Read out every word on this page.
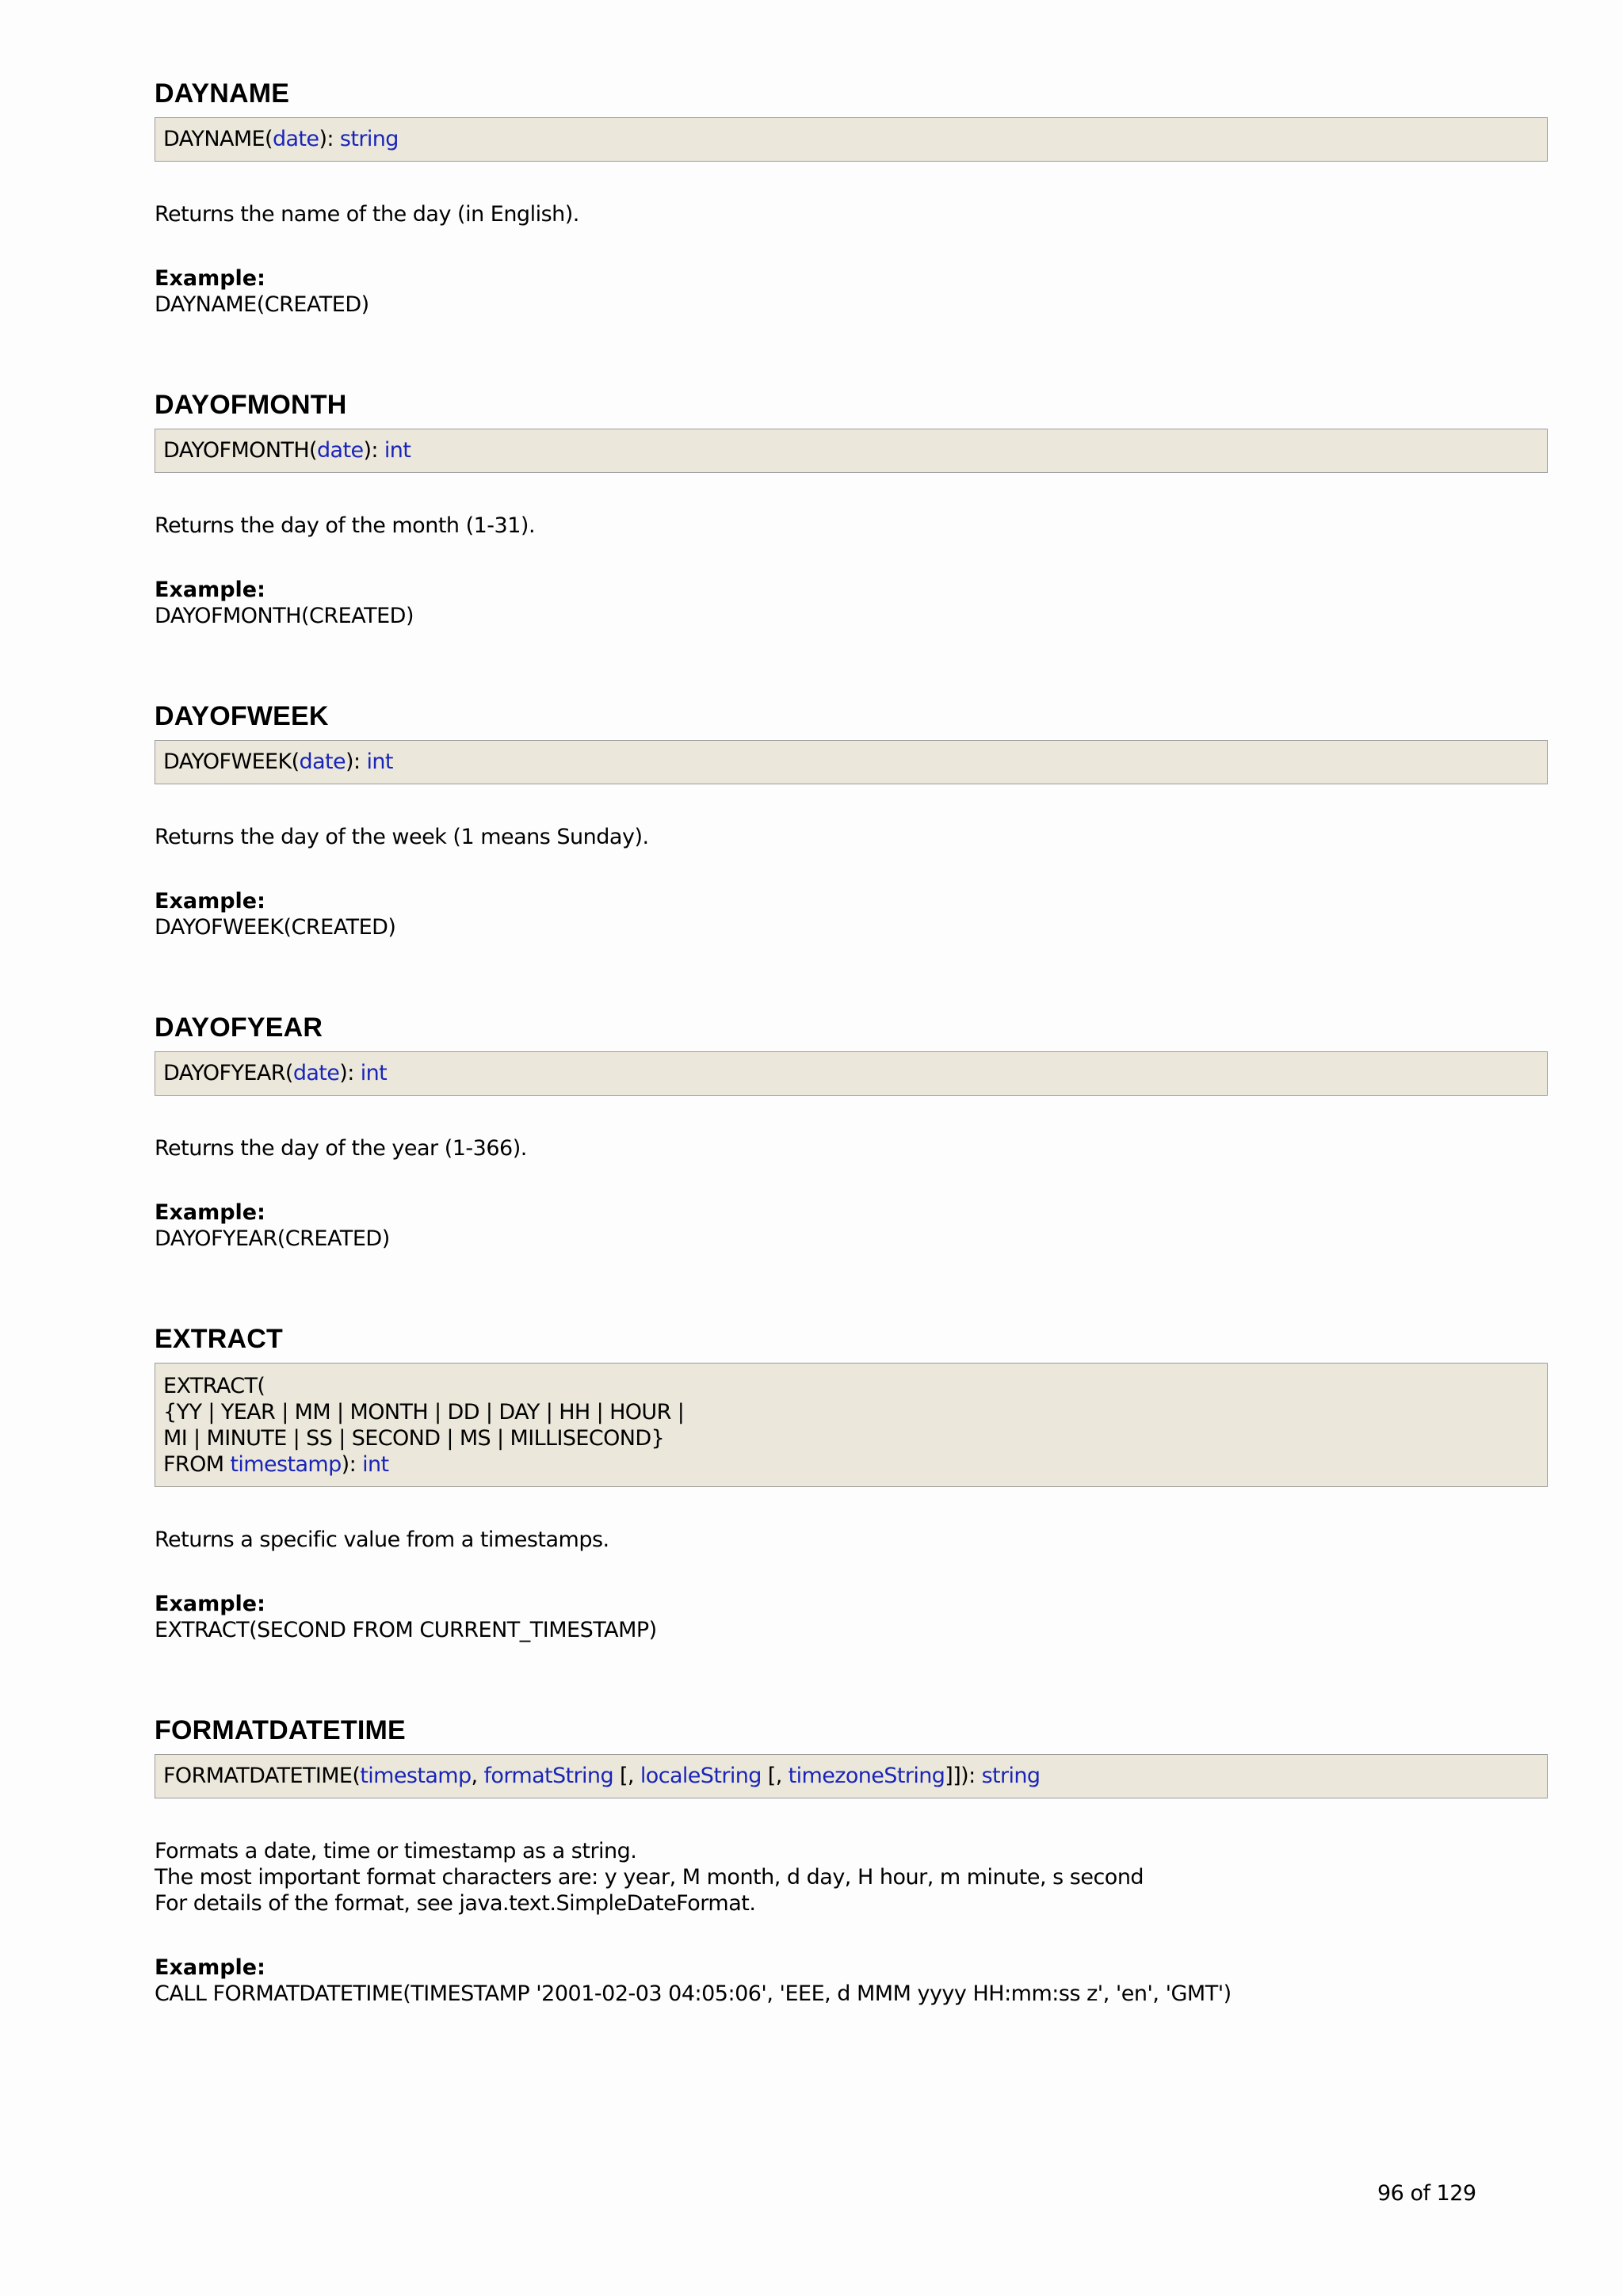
DAYNAME
DAYNAME(date): string
Returns the name of the day (in English).
Example:
DAYNAME(CREATED)
DAYOFMONTH
DAYOFMONTH(date): int
Returns the day of the month (1-31).
Example:
DAYOFMONTH(CREATED)
DAYOFWEEK
DAYOFWEEK(date): int
Returns the day of the week (1 means Sunday).
Example:
DAYOFWEEK(CREATED)
DAYOFYEAR
DAYOFYEAR(date): int
Returns the day of the year (1-366).
Example:
DAYOFYEAR(CREATED)
EXTRACT
EXTRACT(
{YY | YEAR | MM | MONTH | DD | DAY | HH | HOUR |
MI | MINUTE | SS | SECOND | MS | MILLISECOND}
FROM timestamp): int
Returns a specific value from a timestamps.
Example:
EXTRACT(SECOND FROM CURRENT_TIMESTAMP)
FORMATDATETIME
FORMATDATETIME(timestamp, formatString [, localeString [, timezoneString]]): string
Formats a date, time or timestamp as a string.
The most important format characters are: y year, M month, d day, H hour, m minute, s second
For details of the format, see java.text.SimpleDateFormat.
Example:
CALL FORMATDATETIME(TIMESTAMP '2001-02-03 04:05:06', 'EEE, d MMM yyyy HH:mm:ss z', 'en', 'GMT')
96 of 129
